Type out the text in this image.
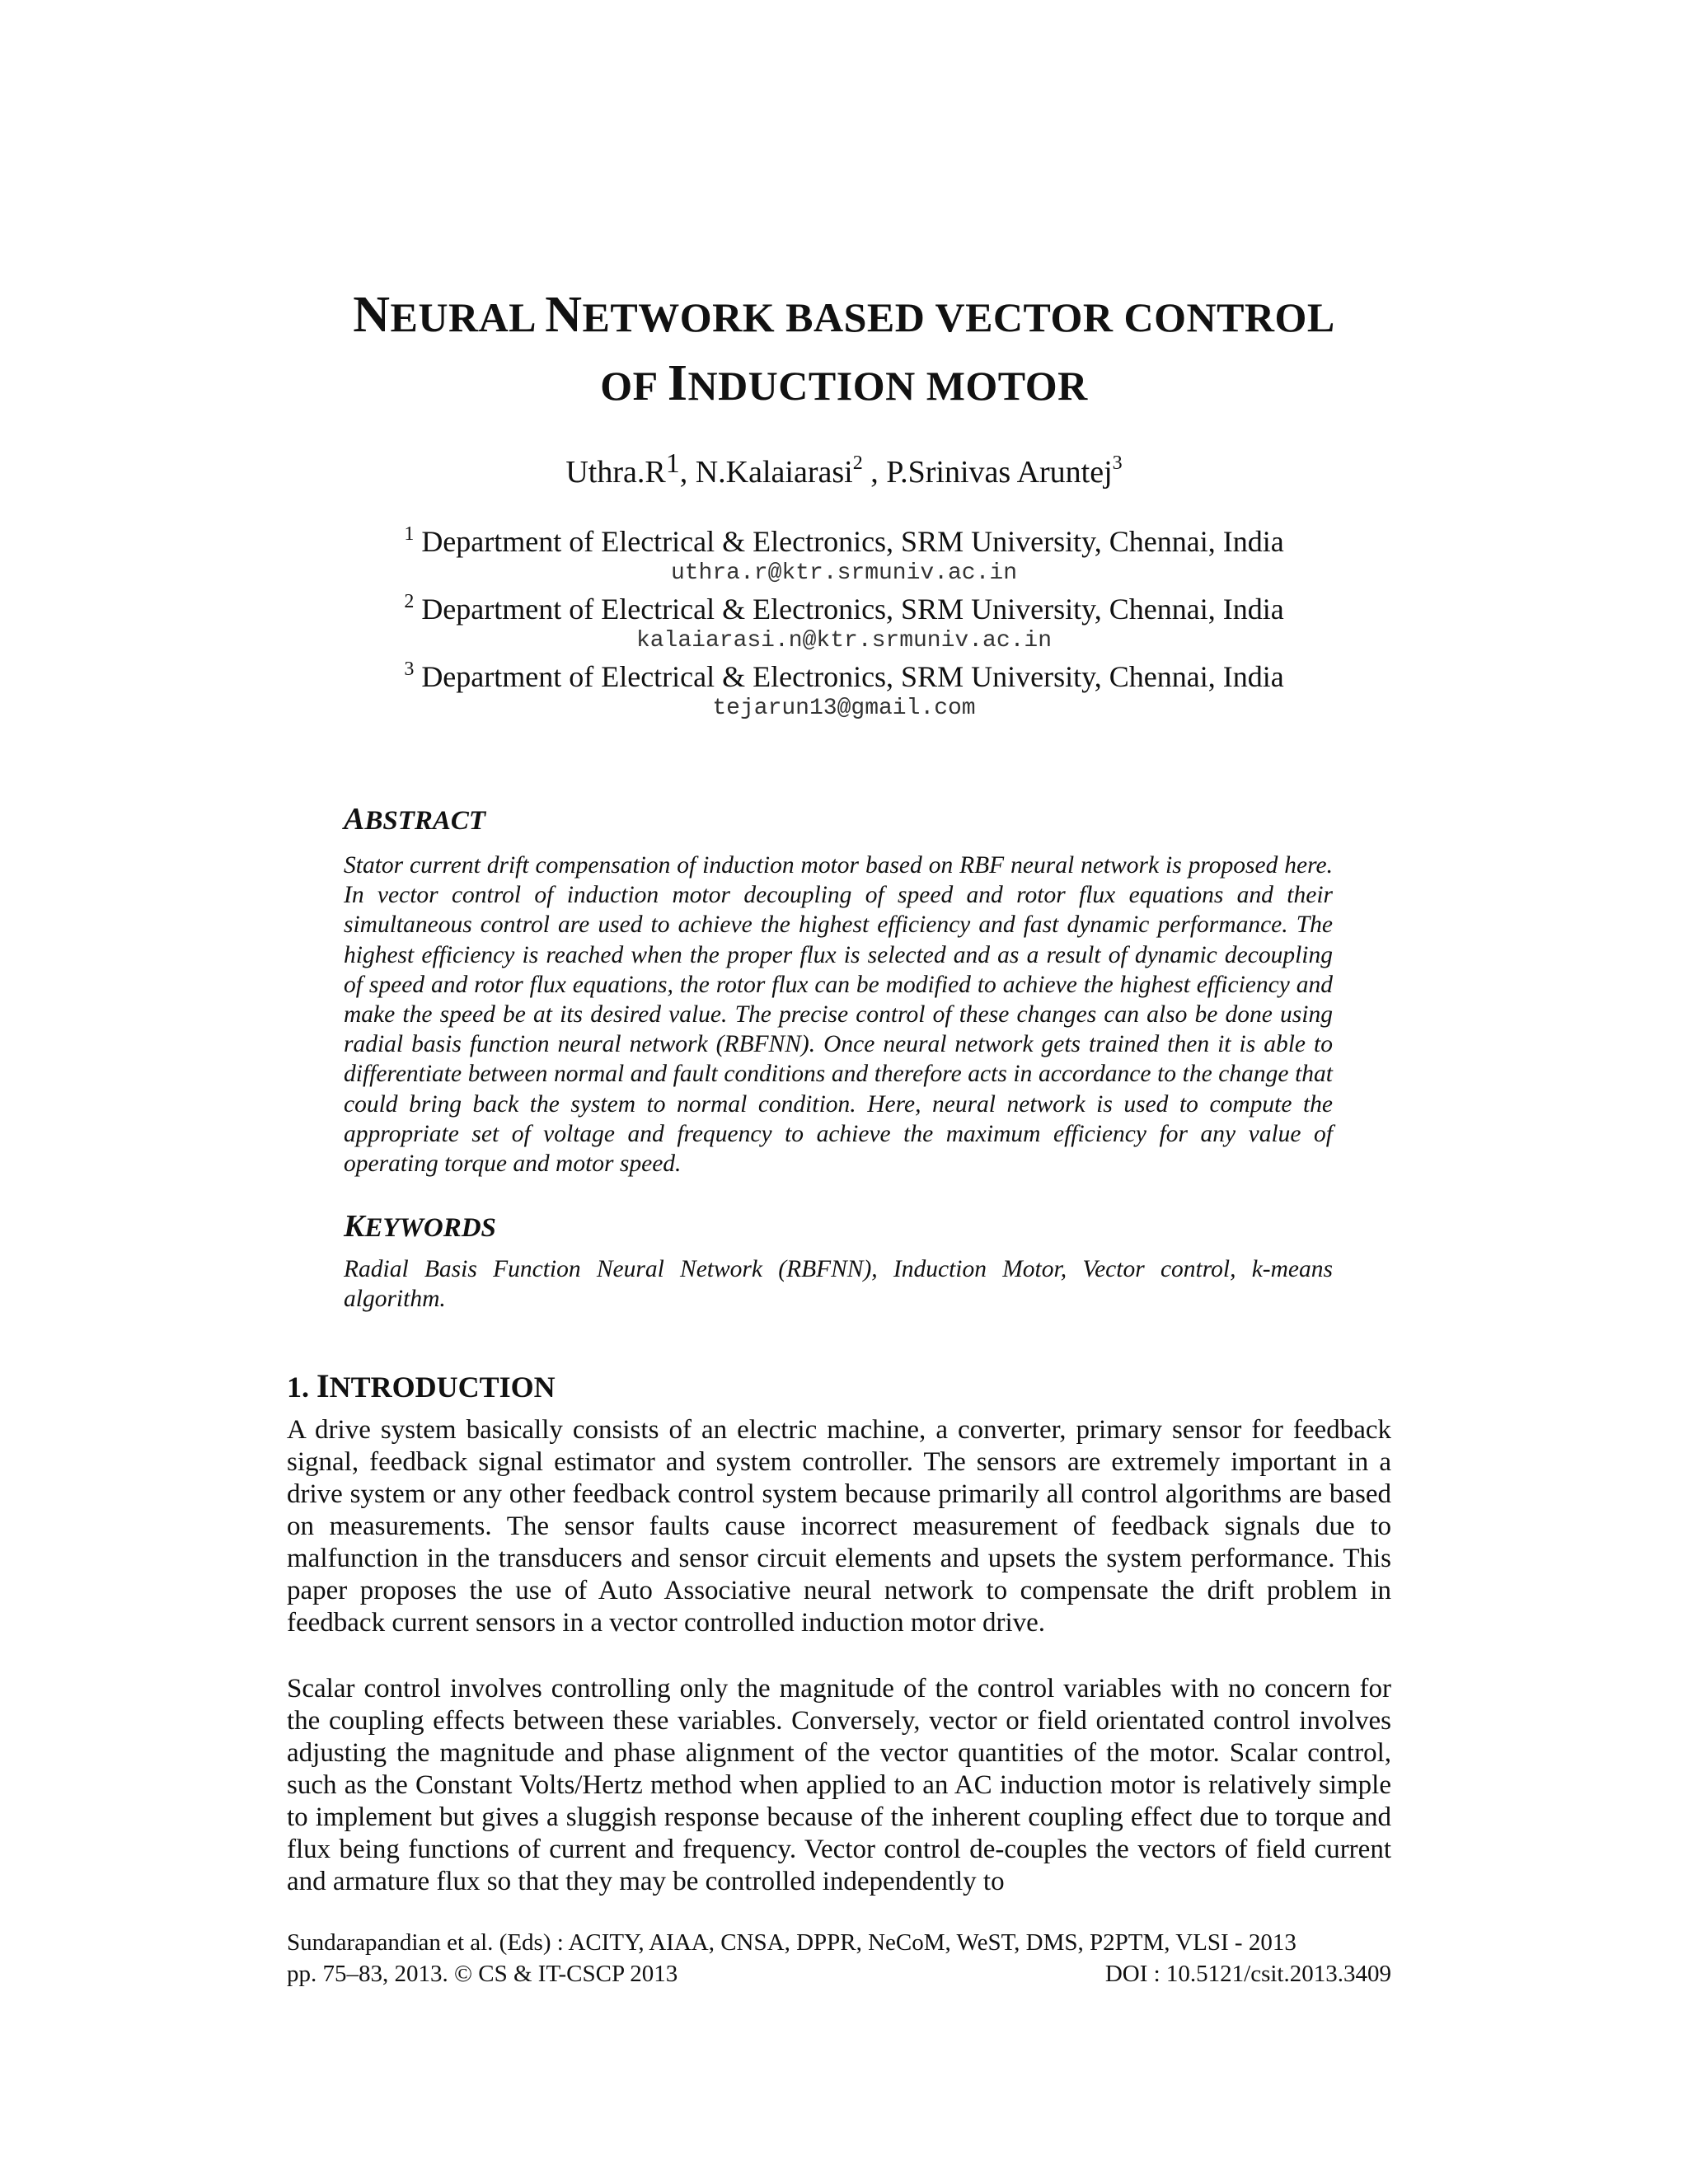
NEURAL NETWORK BASED VECTOR CONTROL
OF INDUCTION MOTOR
$Uthra.R^1$, N.Kalaiarasi$^2$ , P.Srinivas Aruntej$^3$
$^1$ Department of Electrical & Electronics, SRM University, Chennai, India
uthra.r@ktr.srmuniv.ac.in
$^2$ Department of Electrical & Electronics, SRM University, Chennai, India
kalaiarasi.n@ktr.srmuniv.ac.in
$^3$ Department of Electrical & Electronics, SRM University, Chennai, India
tejarun13@gmail.com
ABSTRACT
Stator current drift compensation of induction motor based on RBF neural network is proposed here. In vector control of induction motor decoupling of speed and rotor flux equations and their simultaneous control are used to achieve the highest efficiency and fast dynamic performance. The highest efficiency is reached when the proper flux is selected and as a result of dynamic decoupling of speed and rotor flux equations, the rotor flux can be modified to achieve the highest efficiency and make the speed be at its desired value. The precise control of these changes can also be done using radial basis function neural network (RBFNN). Once neural network gets trained then it is able to differentiate between normal and fault conditions and therefore acts in accordance to the change that could bring back the system to normal condition. Here, neural network is used to compute the appropriate set of voltage and frequency to achieve the maximum efficiency for any value of operating torque and motor speed.
KEYWORDS
Radial Basis Function Neural Network (RBFNN), Induction Motor, Vector control, k-means algorithm.
1. INTRODUCTION
A drive system basically consists of an electric machine, a converter, primary sensor for feedback signal, feedback signal estimator and system controller. The sensors are extremely important in a drive system or any other feedback control system because primarily all control algorithms are based on measurements. The sensor faults cause incorrect measurement of feedback signals due to malfunction in the transducers and sensor circuit elements and upsets the system performance. This paper proposes the use of Auto Associative neural network to compensate the drift problem in feedback current sensors in a vector controlled induction motor drive.
Scalar control involves controlling only the magnitude of the control variables with no concern for the coupling effects between these variables. Conversely, vector or field orientated control involves adjusting the magnitude and phase alignment of the vector quantities of the motor. Scalar control, such as the Constant Volts/Hertz method when applied to an AC induction motor is relatively simple to implement but gives a sluggish response because of the inherent coupling effect due to torque and flux being functions of current and frequency. Vector control de-couples the vectors of field current and armature flux so that they may be controlled independently to
Sundarapandian et al. (Eds) : ACITY, AIAA, CNSA, DPPR, NeCoM, WeST, DMS, P2PTM, VLSI - 2013
pp. 75–83, 2013. © CS & IT-CSCP 2013	DOI : 10.5121/csit.2013.3409
